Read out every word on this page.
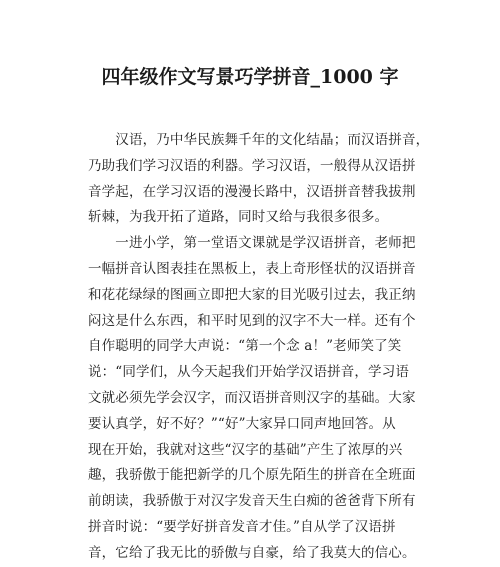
四年级作文写景巧学拼音_1000 字
　　汉语，乃中华民族舞千年的文化结晶；而汉语拼音，
乃助我们学习汉语的利器。学习汉语，一般得从汉语拼
音学起，在学习汉语的漫漫长路中，汉语拼音替我拔荆
斩棘，为我开拓了道路，同时又给与我很多很多。
　　一进小学，第一堂语文课就是学汉语拼音，老师把
一幅拼音认图表挂在黑板上，表上奇形怪状的汉语拼音
和花花绿绿的图画立即把大家的目光吸引过去，我正纳
闷这是什么东西，和平时见到的汉字不大一样。还有个
自作聪明的同学大声说：“第一个念 a！”老师笑了笑
说：“同学们，从今天起我们开始学汉语拼音，学习语
文就必须先学会汉字，而汉语拼音则汉字的基础。大家
要认真学，好不好？”“好”大家异口同声地回答。从
现在开始，我就对这些“汉字的基础”产生了浓厚的兴
趣，我骄傲于能把新学的几个原先陌生的拼音在全班面
前朗读，我骄傲于对汉字发音天生白痴的爸爸背下所有
拼音时说：“要学好拼音发音才佳。”自从学了汉语拼
音，它给了我无比的骄傲与自豪，给了我莫大的信心。
